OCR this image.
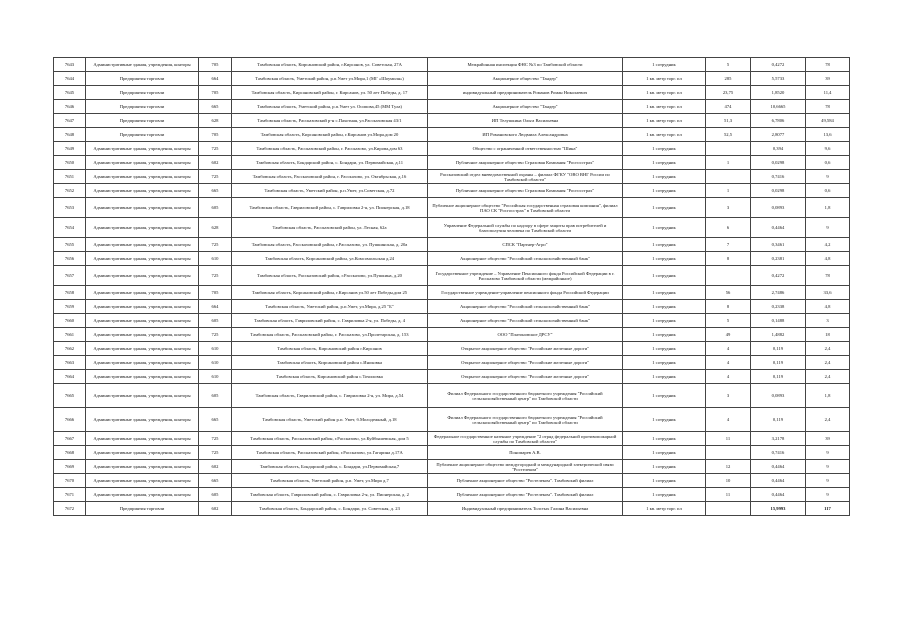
7643	Административные здания, учреждения, конторы	705	Тамбовская область, Кирсановский район, г.Кирсанов, ул. Советская, 27А	Межрайонная инспекция ФНС №3 по Тамбовской области	1 сотрудник	5	0,4272	78
7644	Предприятия торговли	664	Тамбовская область, Уметский район, р.п.Умет ул.Мира,1 (МГ «Шоумиля»)	Акционерное общество "Тандер"	1 кв. метр торг. пл	285	5,5733	39
7645	Предприятия торговли	705	Тамбовская область, Кирсановский район, г. Кирсанов, ул. 50 лет Победы, д. 17	индивидуальный предприниматель Романов Роман Николаевич	1 кв. метр торг. пл	23,75	1,8520	11,4
7646	Предприятия торговли	665	Тамбовская область, Уметский район, р.п.Умет ул. Осипова,45 (ММ Тула)	Акционерное общество "Тандер"	1 кв. метр торг. пл	474	10,6665	78
7647	Предприятия торговли	628	Тамбовская область, Рассказовский р-н с.Пахотная, ул.Рассказовская 43/1	ИП Телушкина Ольга Васильевна	1 кв. метр торг. пл	51,3	6,7806	49,584
7648	Предприятия торговли	705	Тамбовская область, Кирсановский район, г.Кирсанов ул.Мира,дом 20	ИП Романовского Людмила Александровна	1 кв. метр торг. пл	52,5	2,8077	13,6
7649	Административные здания, учреждения, конторы	725	Тамбовская область, Рассказовский район, г. Рассказово, ул.Кирова,дом 63	Общество с ограниченной ответственностью "Шина"	1 сотрудник		0,394	9,6
7650	Административные здания, учреждения, конторы	602	Тамбовская область, Бондарский район, с. Бондари, ул. Первомайская, д.11	Публичное акционерное общество Страховая Компания "Росгосстрах"	1 сотрудник	1	0,0298	0,6
7651	Административные здания, учреждения, конторы	725	Тамбовская область, Рассказовский район, г. Рассказово, ул. Октябрьская, д.16	Рассказовский отдел вневедомственной охраны – филиал ФГКУ "ОВО ВНГ России по Тамбовской области"	1 сотрудник		0,7416	9
7652	Административные здания, учреждения, конторы	665	Тамбовская область, Уметский район, р.п.Умет, ул.Советская, д.72	Публичное акционерное общество Страховая Компания "Росгосстрах"	1 сотрудник	1	0,0298	0,6
7653	Административные здания, учреждения, конторы	605	Тамбовская область, Гавриловский район, с. Гавриловка 2-я, ул. Пионерская, д.18	Публичное акционерное общество "Российская государственная страховая компания", филиал ПАО СК "Росгосстрах" в Тамбовской области	1 сотрудник	3	0,0893	1,8
7654	Административные здания, учреждения, конторы	628	Тамбовская область, Рассказовский район, ул. Лесная, 62а	Управление Федеральной службы по надзору в сфере защиты прав потребителей и благополучия человека по Тамбовской области	1 сотрудник	6	0,4464	9
7655	Административные здания, учреждения, конторы	725	Тамбовская область, Рассказовский район, г.Рассказово, ул. Пушкинская, д. 20а	СПСК "Партнер-Агро"	1 сотрудник	7	0,3461	4,2
7656	Административные здания, учреждения, конторы	610	Тамбовская область, Кирсановский район, ул.Комсомольская д.24	Акционерное общество "Российский сельскохозяйственный банк"	1 сотрудник	8	0,2381	4,8
7657	Административные здания, учреждения, конторы	725	Тамбовская область, Рассказовский район, г.Рассказово, ул.Пушкина, д.20	Государственное учреждение – Управление Пенсионного фонда Российской Федерации в г. Рассказово Тамбовской области (межрайонное)	1 сотрудник		0,4272	78
7658	Административные здания, учреждения, конторы	705	Тамбовская область, Кирсановский район, г.Кирсанов ул.50 лет Победы,дом 25	Государственное учреждение-управление пенсионного фонда Российской Федерации	1 сотрудник	56	2,7486	33,6
7659	Административные здания, учреждения, конторы	664	Тамбовская область, Уметский район, р.п.Умет, ул.Мира, д.25 "Б"	Акционерное общество "Российский сельскохозяйственный банк"	1 сотрудник	8	0,2338	4,8
7660	Административные здания, учреждения, конторы	605	Тамбовская область, Гавриловский район, с. Гавриловка 2-я, ул. Победы, д. 4	Акционерное общество "Российский сельскохозяйственный банк"	1 сотрудник	5	0,1488	3
7661	Административные здания, учреждения, конторы	725	Тамбовская область, Рассказовский район, г. Рассказово, ул.Пролетарская, д. 153	ООО "Платоновское ДРСУ"	1 сотрудник	49	1,4882	18
7662	Административные здания, учреждения, конторы	610	Тамбовская область, Кирсановский район г.Кирсанов	Открытое акционерное общество "Российские железные дороги"	1 сотрудник	4	0,119	2,4
7663	Административные здания, учреждения, конторы	610	Тамбовская область, Кирсановский район с.Иноковка	Открытое акционерное общество "Российские железные дороги"	1 сотрудник	4	0,119	2,4
7664	Административные здания, учреждения, конторы	610	Тамбовская область, Кирсановский район с.Точиловка	Открытое акционерное общество "Российские железные дороги"	1 сотрудник	4	0,119	2,4
7665	Административные здания, учреждения, конторы	605	Тамбовская область, Гавриловский район, с. Гавриловка 2-я, ул. Мира, д.54	Филиал Федерального государственного бюджетного учреждения "Российский сельскохозяйственный центр" по Тамбовской области	1 сотрудник	3	0,0893	1,8
7666	Административные здания, учреждения, конторы	665	Тамбовская область, Уметский район р.п. Умет, б.Молодежный, д.18	Филиал Федерального государственного бюджетного учреждения "Российский сельскохозяйственный центр" по Тамбовской области	1 сотрудник	4	0,119	2,4
7667	Административные здания, учреждения, конторы	725	Тамбовская область, Рассказовский район, г.Рассказово, ул.Куйбышевская, дом 5	Федеральное государственное казенное учреждение "2 отряд федеральной противопожарной службы по Тамбовской области"	1 сотрудник	11	3,2178	39
7668	Административные здания, учреждения, конторы	725	Тамбовская область, Рассказовский район, г.Рассказово, ул.Гагарина д.17А	Пономарев А.В.	1 сотрудник		0,7416	9
7669	Административные здания, учреждения, конторы	602	Тамбовская область, Бондарский район, с. Бондари, ул.Первомайская,7	Публичное акционерное общество междугородной и международной электрической связи "Ростелеком"	1 сотрудник	12	0,4464	9
7670	Административные здания, учреждения, конторы	665	Тамбовская область, Уметский район, р.п. Умет, ул.Мира д.7	Публичное акционерное общество "Ростелеком". Тамбовский филиал	1 сотрудник	10	0,4464	9
7671	Административные здания, учреждения, конторы	605	Тамбовская область, Гавриловский район, с. Гавриловка 2-я, ул. Пионерская, д. 2	Публичное акционерное общество "Ростелеком". Тамбовский филиал	1 сотрудник	11	0,4464	9
7672	Предприятия торговли	602	Тамбовская область, Бондарский район, с. Бондари, ул. Советская, д. 23	Индивидуальный предприниматель Толстых Галина Васильевна	1 кв. метр торг. пл		15,9993	117
